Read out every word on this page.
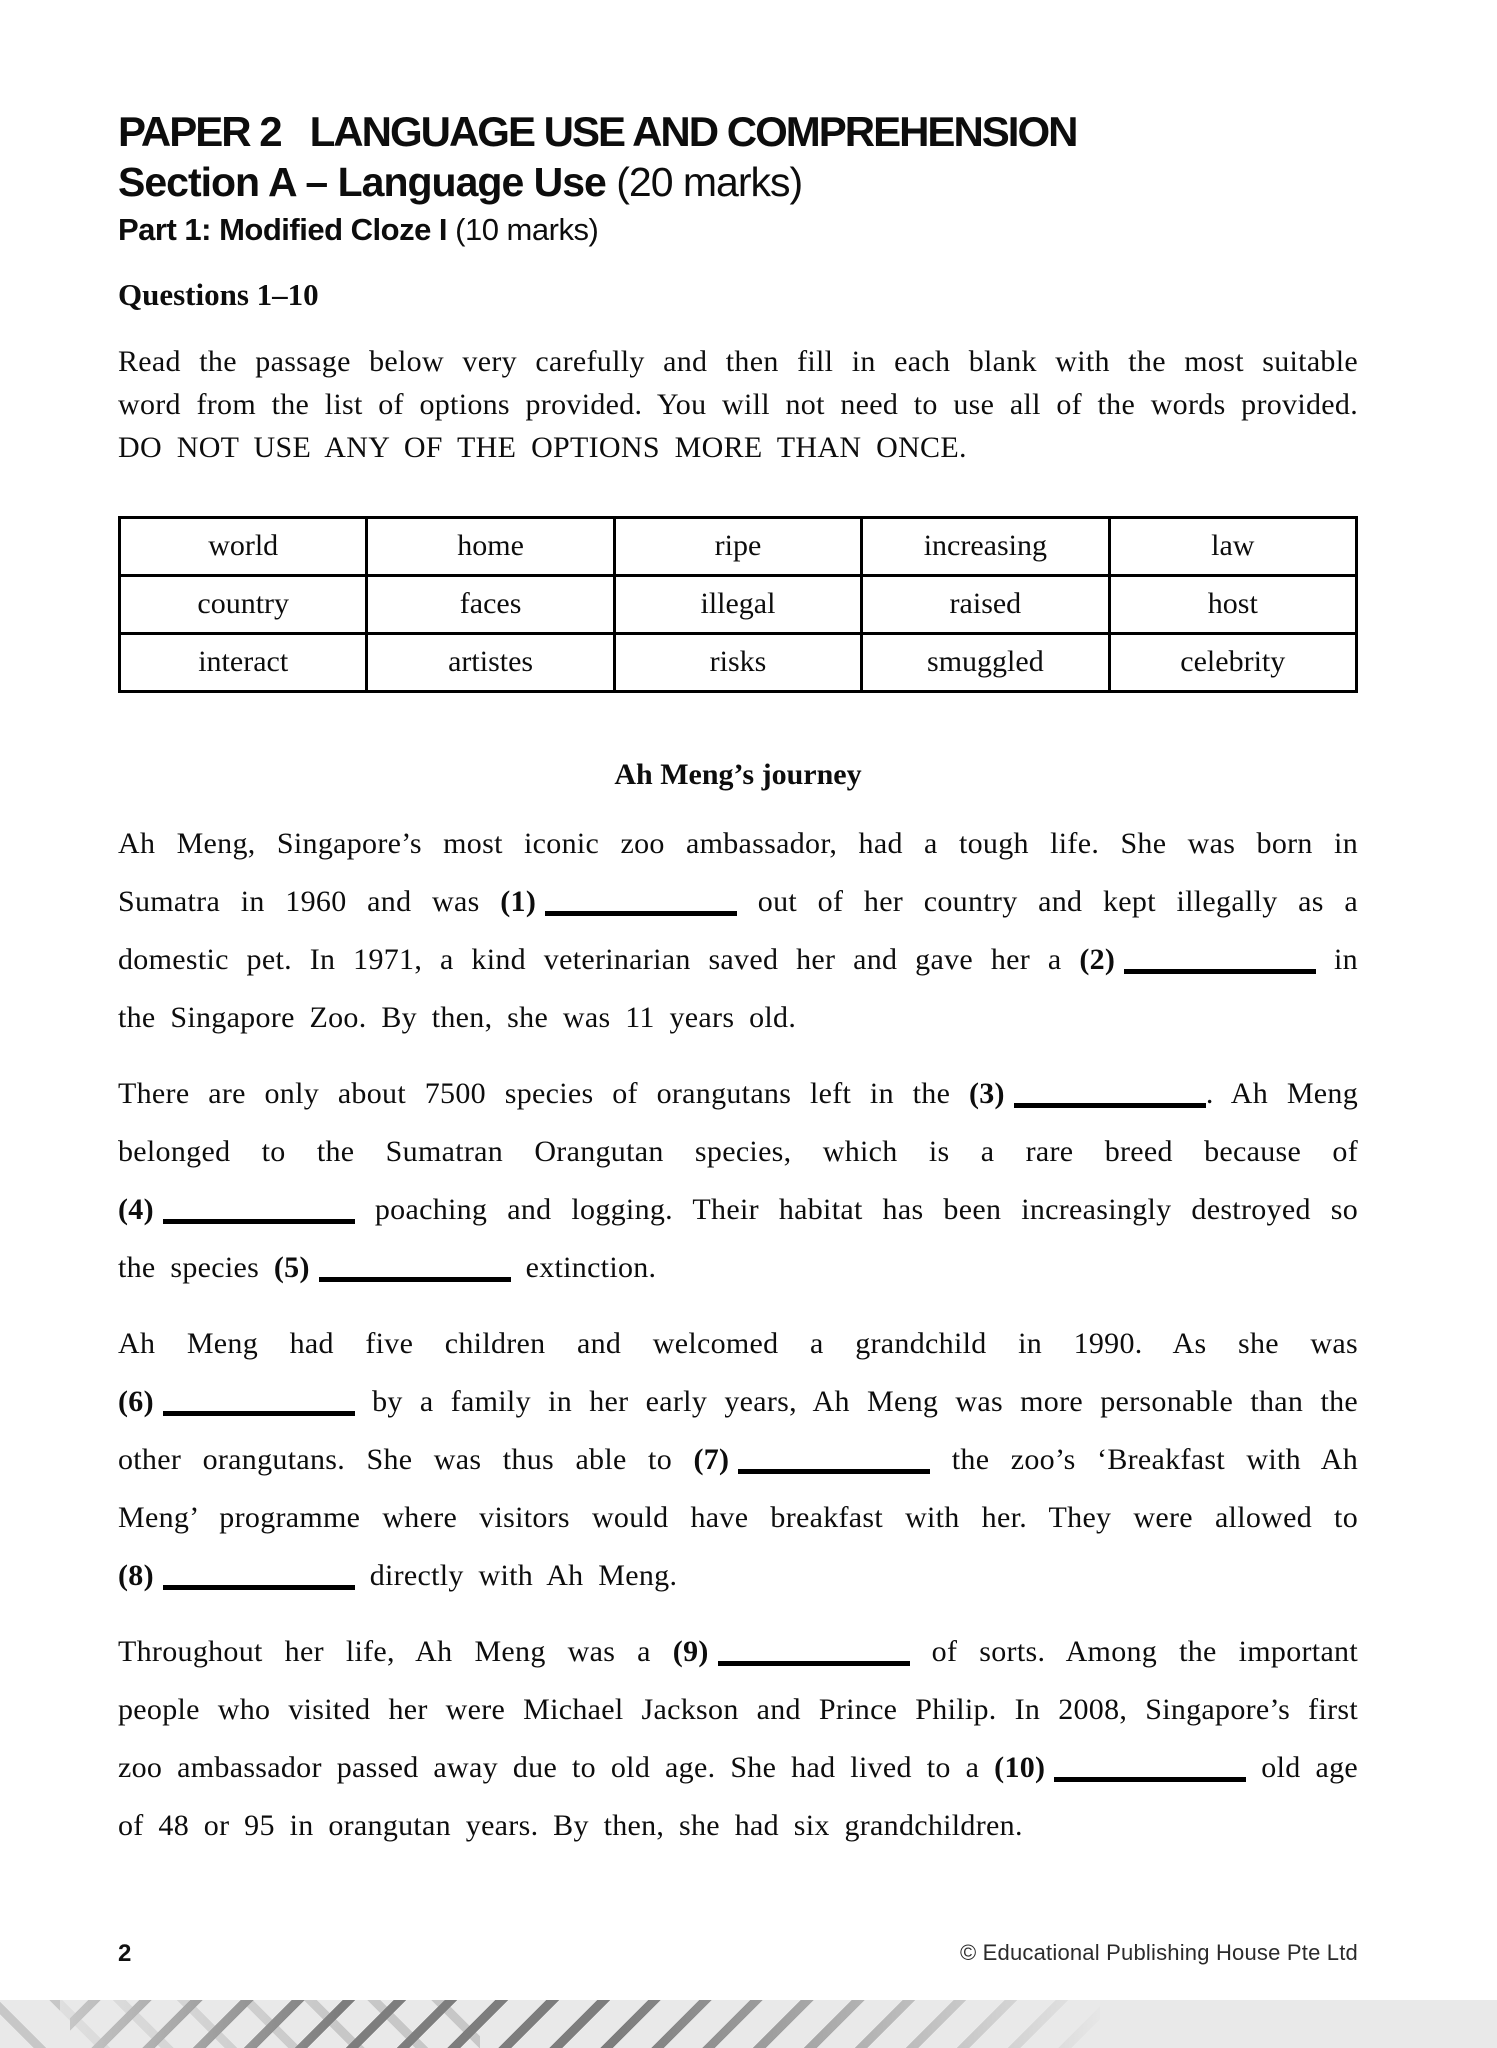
PAPER 2   LANGUAGE USE AND COMPREHENSION
Section A – Language Use (20 marks)
Part 1: Modified Cloze I (10 marks)
Questions 1–10

Read the passage below very carefully and then fill in each blank with the most suitable word from the list of options provided. You will not need to use all of the words provided. DO NOT USE ANY OF THE OPTIONS MORE THAN ONCE.

world	home	ripe	increasing	law
country	faces	illegal	raised	host
interact	artistes	risks	smuggled	celebrity
Ah Meng’s journey

Ah Meng, Singapore’s most iconic zoo ambassador, had a tough life. She was born in Sumatra in 1960 and was (1)	out of her country and kept illegally as a domestic pet. In 1971, a kind veterinarian saved her and gave her a (2)	in the Singapore Zoo. By then, she was 11 years old.

There are only about 7500 species of orangutans left in the (3)	. Ah Meng belonged to the Sumatran Orangutan species, which is a rare breed because of (4)	poaching and logging. Their habitat has been increasingly destroyed so the species (5)	extinction.

Ah Meng had five children and welcomed a grandchild in 1990. As she was (6)	by a family in her early years, Ah Meng was more personable than the other orangutans. She was thus able to (7)	the zoo’s ‘Breakfast with Ah Meng’ programme where visitors would have breakfast with her. They were allowed to (8)	directly with Ah Meng.

Throughout her life, Ah Meng was a (9)	of sorts. Among the important people who visited her were Michael Jackson and Prince Philip. In 2008, Singapore’s first zoo ambassador passed away due to old age. She had lived to a (10)	old age of 48 or 95 in orangutan years. By then, she had six grandchildren.

2	© Educational Publishing House Pte Ltd
